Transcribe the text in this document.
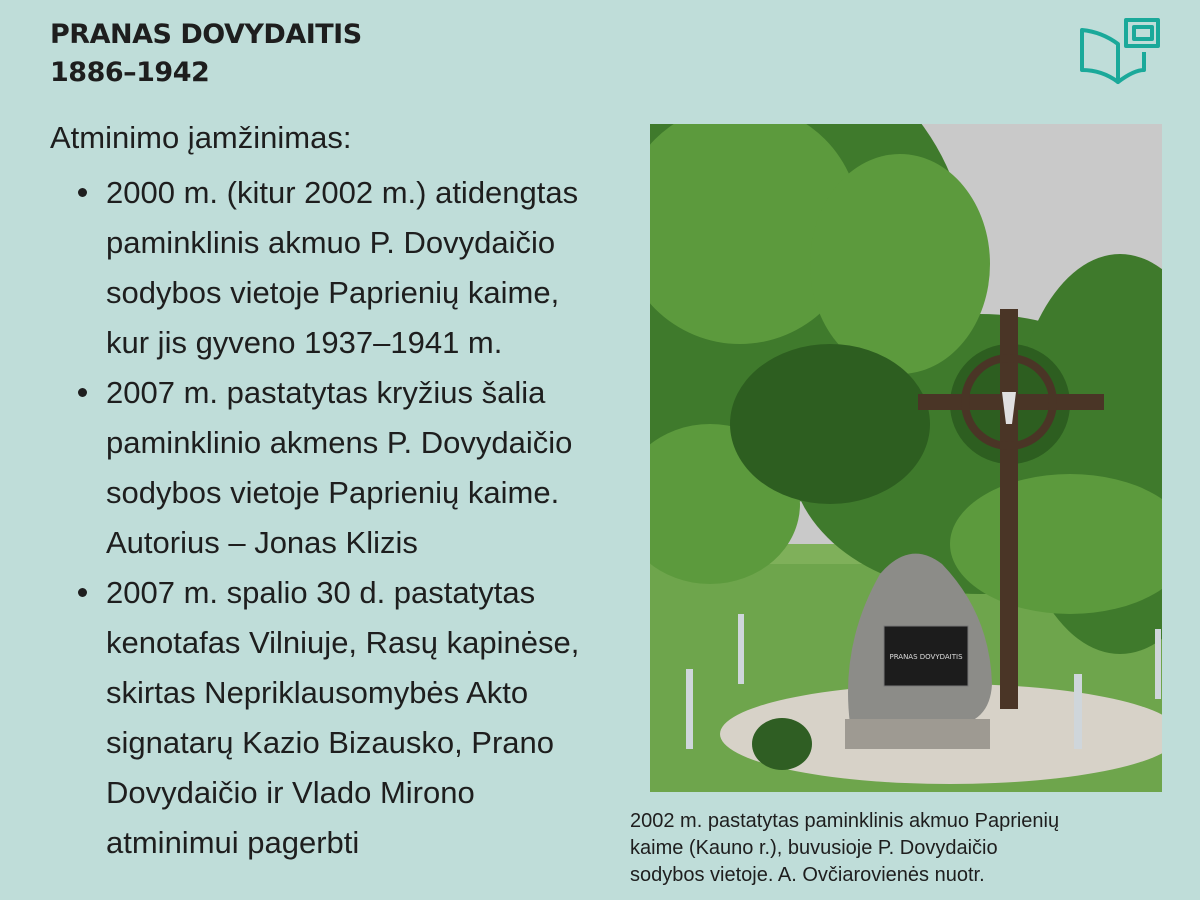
PRANAS DOVYDAITIS
1886–1942
Atminimo įamžinimas:
2000 m. (kitur 2002 m.) atidengtas
paminklinis akmuo P. Dovydaičio
sodybos vietoje Paprienių kaime,
kur jis gyveno 1937–1941 m.
2007 m. pastatytas kryžius šalia
paminklinio akmens P. Dovydaičio
sodybos vietoje Paprienių kaime.
Autorius – Jonas Klizis
2007 m. spalio 30 d. pastatytas
kenotafas Vilniuje, Rasų kapinėse,
skirtas Nepriklausomybės Akto
signatarų Kazio Bizausko, Prano
Dovydaičio ir Vlado Mirono
atminimui pagerbti
PRANAS DOVYDAITIS
2002 m. pastatytas paminklinis akmuo Paprienių
kaime (Kauno r.), buvusioje P. Dovydaičio
sodybos vietoje. A. Ovčiarovienės nuotr.
